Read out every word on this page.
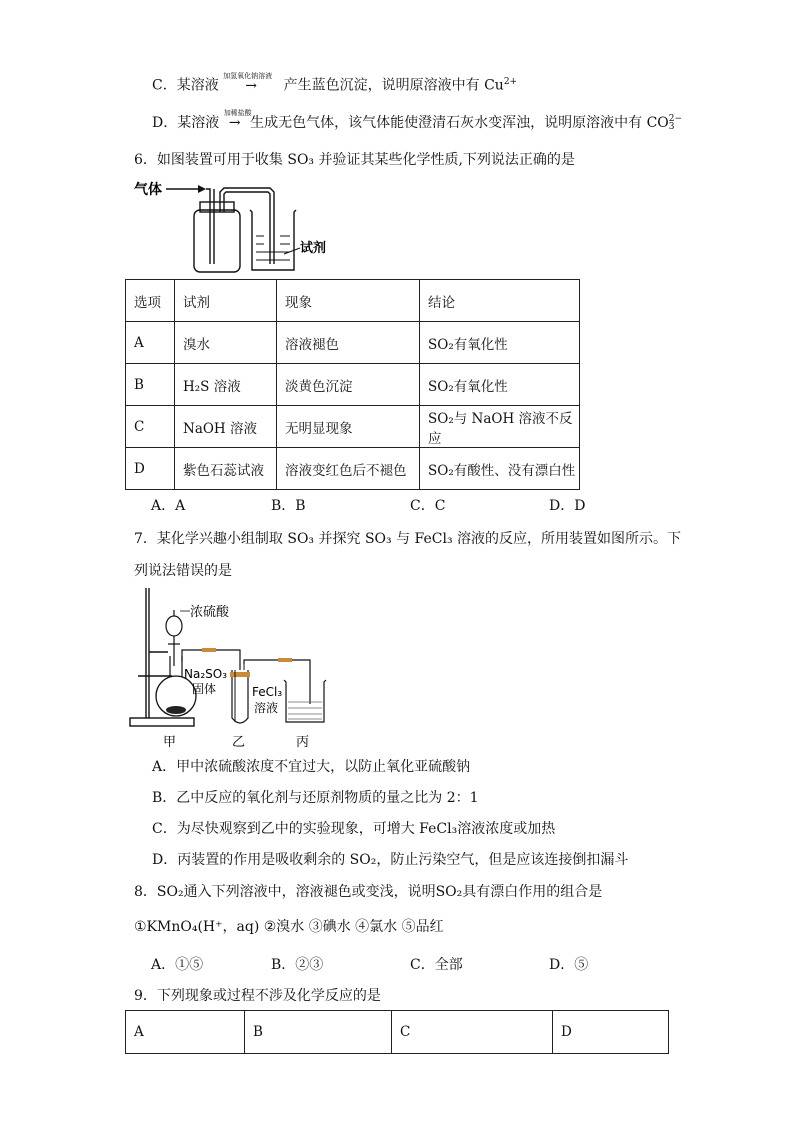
C．某溶液
加氢氧化钠溶液
→ 产生蓝色沉淀，说明原溶液中有 $Cu^{2+}$
D．某溶液
加稀盐酸
→ 生成无色气体，该气体能使澄清石灰水变浑浊，说明原溶液中有 CO2−
3
6．如图装置可用于收集 SO₃ 并验证其某些化学性质,下列说法正确的是
气体
试剂
选项	试剂	现象	结论
A	溴水	溶液褪色	SO₂有氧化性
B	H₂S 溶液	淡黄色沉淀	SO₂有氧化性
C	NaOH 溶液	无明显现象	SO₂与 NaOH 溶液不反应
D	紫色石蕊试液	溶液变红色后不褪色	SO₂有酸性、没有漂白性
A．A	B．B	C．C	D．D
7．某化学兴趣小组制取 SO₃ 并探究 SO₃ 与 FeCl₃ 溶液的反应，所用装置如图所示。下
列说法错误的是
浓硫酸
Na₂SO₃
固体	FeCl₃
溶液
甲	乙	丙
A．甲中浓硫酸浓度不宜过大，以防止氧化亚硫酸钠
B．乙中反应的氧化剂与还原剂物质的量之比为 2：1
C．为尽快观察到乙中的实验现象，可增大 FeCl₃溶液浓度或加热
D．丙装置的作用是吸收剩余的 SO₂，防止污染空气，但是应该连接倒扣漏斗
8．SO₂通入下列溶液中，溶液褪色或变浅，说明SO₂具有漂白作用的组合是
①KMnO₄(H⁺，aq) ②溴水 ③碘水 ④氯水 ⑤品红
A．①⑤	B．②③	C．全部	D．⑤
9．下列现象或过程不涉及化学反应的是
A	B	C	D
